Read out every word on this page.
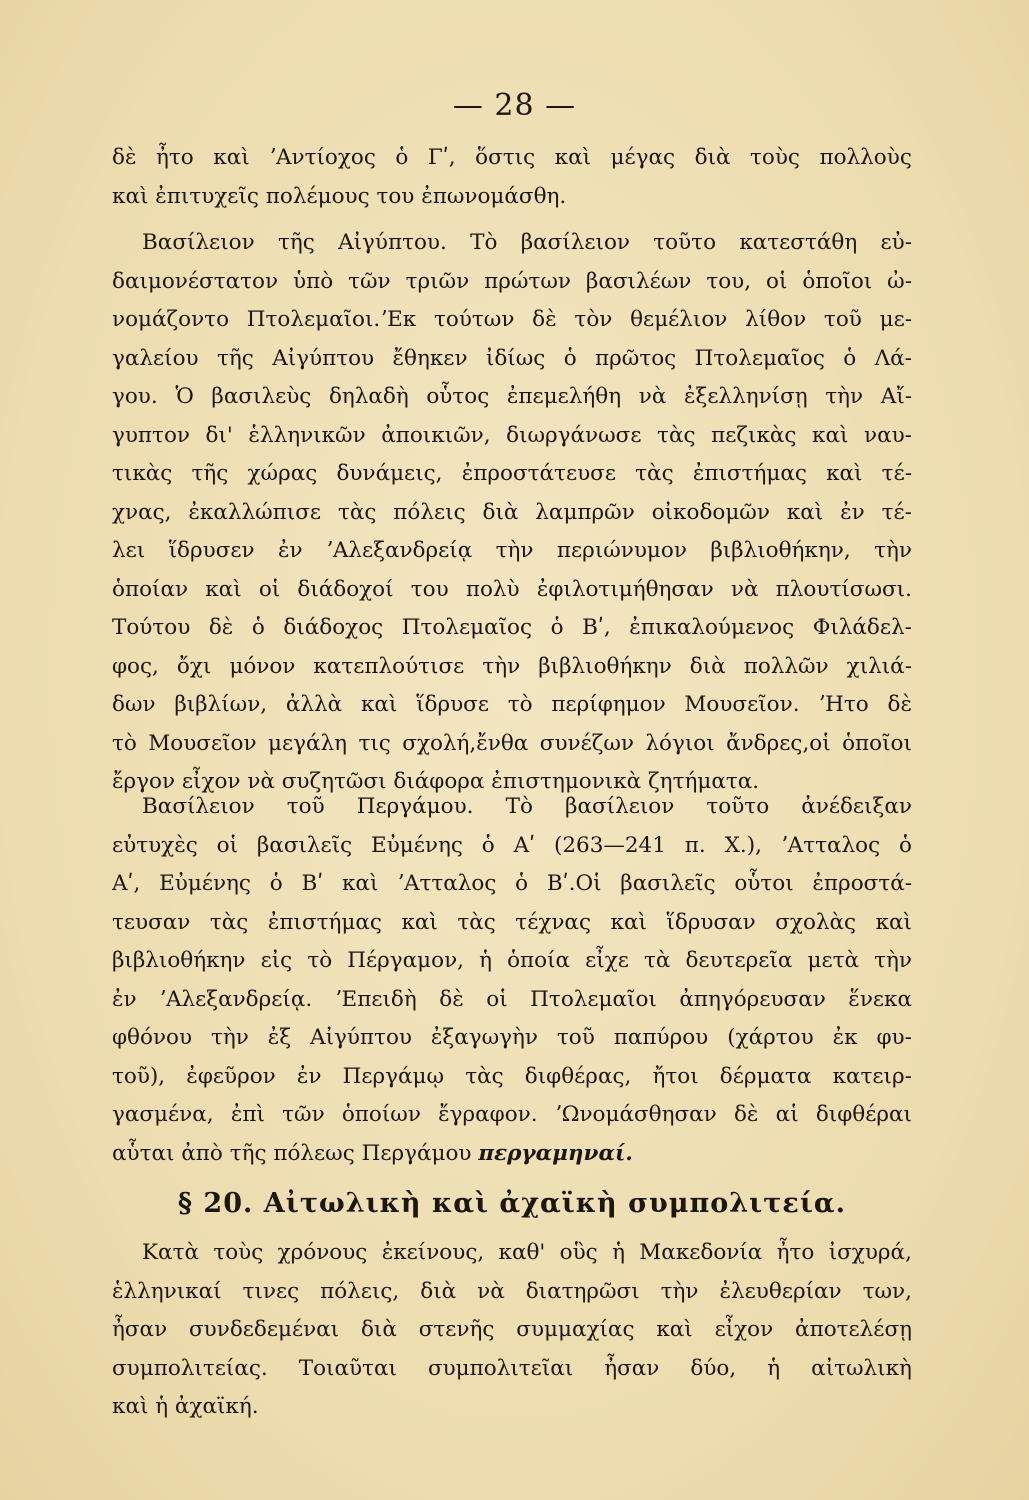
— 28 —
δὲ ἦτο καὶ ʼΑντίοχος ὁ Γʹ, ὅστις καὶ μέγας διὰ τοὺς πολλοὺς
καὶ ἐπιτυχεῖς πολέμους του ἐπωνομάσθη.
Βασίλειον τῆς Αἰγύπτου. Τὸ βασίλειον τοῦτο κατεστάθη εὐ-
δαιμονέστατον ὑπὸ τῶν τριῶν πρώτων βασιλέων του, οἱ ὁποῖοι ὠ-
νομάζοντο Πτολεμαῖοι.ʼΕκ τούτων δὲ τὸν θεμέλιον λίθον τοῦ με-
γαλείου τῆς Αἰγύπτου ἔθηκεν ἰδίως ὁ πρῶτος Πτολεμαῖος ὁ Λά-
γου. Ὁ βασιλεὺς δηλαδὴ οὗτος ἐπεμελήθη νὰ ἐξελληνίσῃ τὴν Αἴ-
γυπτον δι' ἑλληνικῶν ἀποικιῶν, διωργάνωσε τὰς πεζικὰς καὶ ναυ-
τικὰς τῆς χώρας δυνάμεις, ἐπροστάτευσε τὰς ἐπιστήμας καὶ τέ-
χνας, ἐκαλλώπισε τὰς πόλεις διὰ λαμπρῶν οἰκοδομῶν καὶ ἐν τέ-
λει ἵδρυσεν ἐν ʼΑλεξανδρείᾳ τὴν περιώνυμον βιβλιοθήκην, τὴν
ὁποίαν καὶ οἱ διάδοχοί του πολὺ ἐφιλοτιμήθησαν νὰ πλουτίσωσι.
Τούτου δὲ ὁ διάδοχος Πτολεμαῖος ὁ Βʹ, ἐπικαλούμενος Φιλάδελ-
φος, ὄχι μόνον κατεπλούτισε τὴν βιβλιοθήκην διὰ πολλῶν χιλιά-
δων βιβλίων, ἀλλὰ καὶ ἵδρυσε τὸ περίφημον Μουσεῖον. ʼΗτο δὲ
τὸ Μουσεῖον μεγάλη τις σχολή,ἔνθα συνέζων λόγιοι ἄνδρες,οἱ ὁποῖοι
ἔργον εἶχον νὰ συζητῶσι διάφορα ἐπιστημονικὰ ζητήματα.
Βασίλειον τοῦ Περγάμου. Τὸ βασίλειον τοῦτο ἀνέδειξαν
εὐτυχὲς οἱ βασιλεῖς Εὐμένης ὁ Αʹ (263—241 π. Χ.), ʼΑτταλος ὁ
Αʹ, Εὐμένης ὁ Βʹ καὶ ʼΑτταλος ὁ Βʹ.Οἱ βασιλεῖς οὗτοι ἐπροστά-
τευσαν τὰς ἐπιστήμας καὶ τὰς τέχνας καὶ ἵδρυσαν σχολὰς καὶ
βιβλιοθήκην εἰς τὸ Πέργαμον, ἡ ὁποία εἶχε τὰ δευτερεῖα μετὰ τὴν
ἐν ʼΑλεξανδρείᾳ. ʼΕπειδὴ δὲ οἱ Πτολεμαῖοι ἀπηγόρευσαν ἕνεκα
φθόνου τὴν ἐξ Αἰγύπτου ἐξαγωγὴν τοῦ παπύρου (χάρτου ἐκ φυ-
τοῦ), ἐφεῦρον ἐν Περγάμῳ τὰς διφθέρας, ἤτοι δέρματα κατειρ-
γασμένα, ἐπὶ τῶν ὁποίων ἔγραφον. ʼΩνομάσθησαν δὲ αἱ διφθέραι
αὗται ἀπὸ τῆς πόλεως Περγάμου περγαμηναί.
§ 20. Αἰτωλικὴ καὶ ἀχαϊκὴ συμπολιτεία.
Κατὰ τοὺς χρόνους ἐκείνους, καθ' οὓς ἡ Μακεδονία ἦτο ἰσχυρά,
ἑλληνικαί τινες πόλεις, διὰ νὰ διατηρῶσι τὴν ἐλευθερίαν των,
ἦσαν συνδεδεμέναι διὰ στενῆς συμμαχίας καὶ εἶχον ἀποτελέσῃ
συμπολιτείας. Τοιαῦται συμπολιτεῖαι ἦσαν δύο, ἡ αἰτωλικὴ
καὶ ἡ ἀχαϊκή.
